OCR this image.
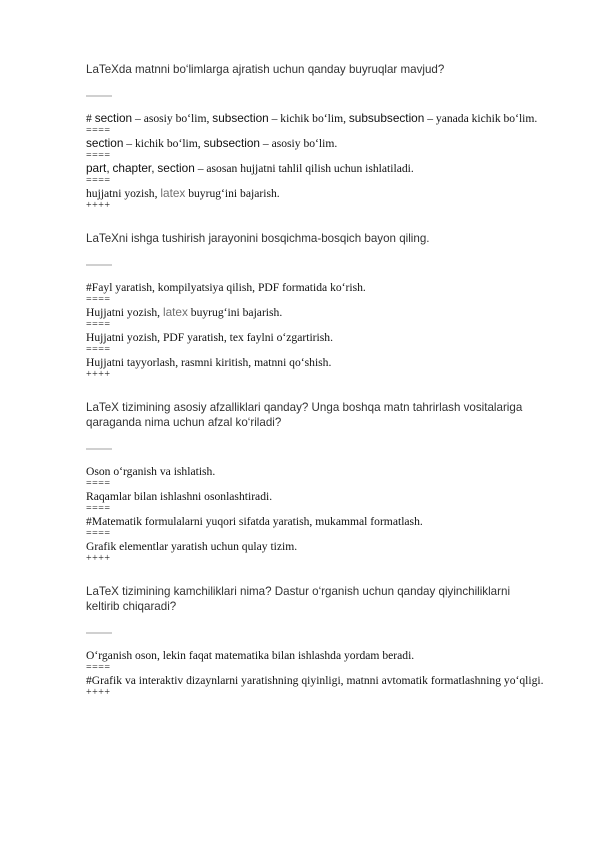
LaTeXda matnni bo‘limlarga ajratish uchun qanday buyruqlar mavjud?
# section – asosiy bo‘lim, subsection – kichik bo‘lim, subsubsection – yanada kichik bo‘lim.
====
section – kichik bo‘lim, subsection – asosiy bo‘lim.
====
part, chapter, section – asosan hujjatni tahlil qilish uchun ishlatiladi.
====
hujjatni yozish, latex buyrug‘ini bajarish.
++++
LaTeXni ishga tushirish jarayonini bosqichma-bosqich bayon qiling.
#Fayl yaratish, kompilyatsiya qilish, PDF formatida ko‘rish.
====
Hujjatni yozish, latex buyrug‘ini bajarish.
====
Hujjatni yozish, PDF yaratish, tex faylni o‘zgartirish.
====
Hujjatni tayyorlash, rasmni kiritish, matnni qo‘shish.
++++
LaTeX tizimining asosiy afzalliklari qanday? Unga boshqa matn tahrirlash vositalariga qaraganda nima uchun afzal ko‘riladi?
Oson o‘rganish va ishlatish.
====
Raqamlar bilan ishlashni osonlashtiradi.
====
#Matematik formulalarni yuqori sifatda yaratish, mukammal formatlash.
====
Grafik elementlar yaratish uchun qulay tizim.
++++
LaTeX tizimining kamchiliklari nima? Dastur o‘rganish uchun qanday qiyinchiliklarni keltirib chiqaradi?
O‘rganish oson, lekin faqat matematika bilan ishlashda yordam beradi.
====
#Grafik va interaktiv dizaynlarni yaratishning qiyinligi, matnni avtomatik formatlashning yo‘qligi.
++++
